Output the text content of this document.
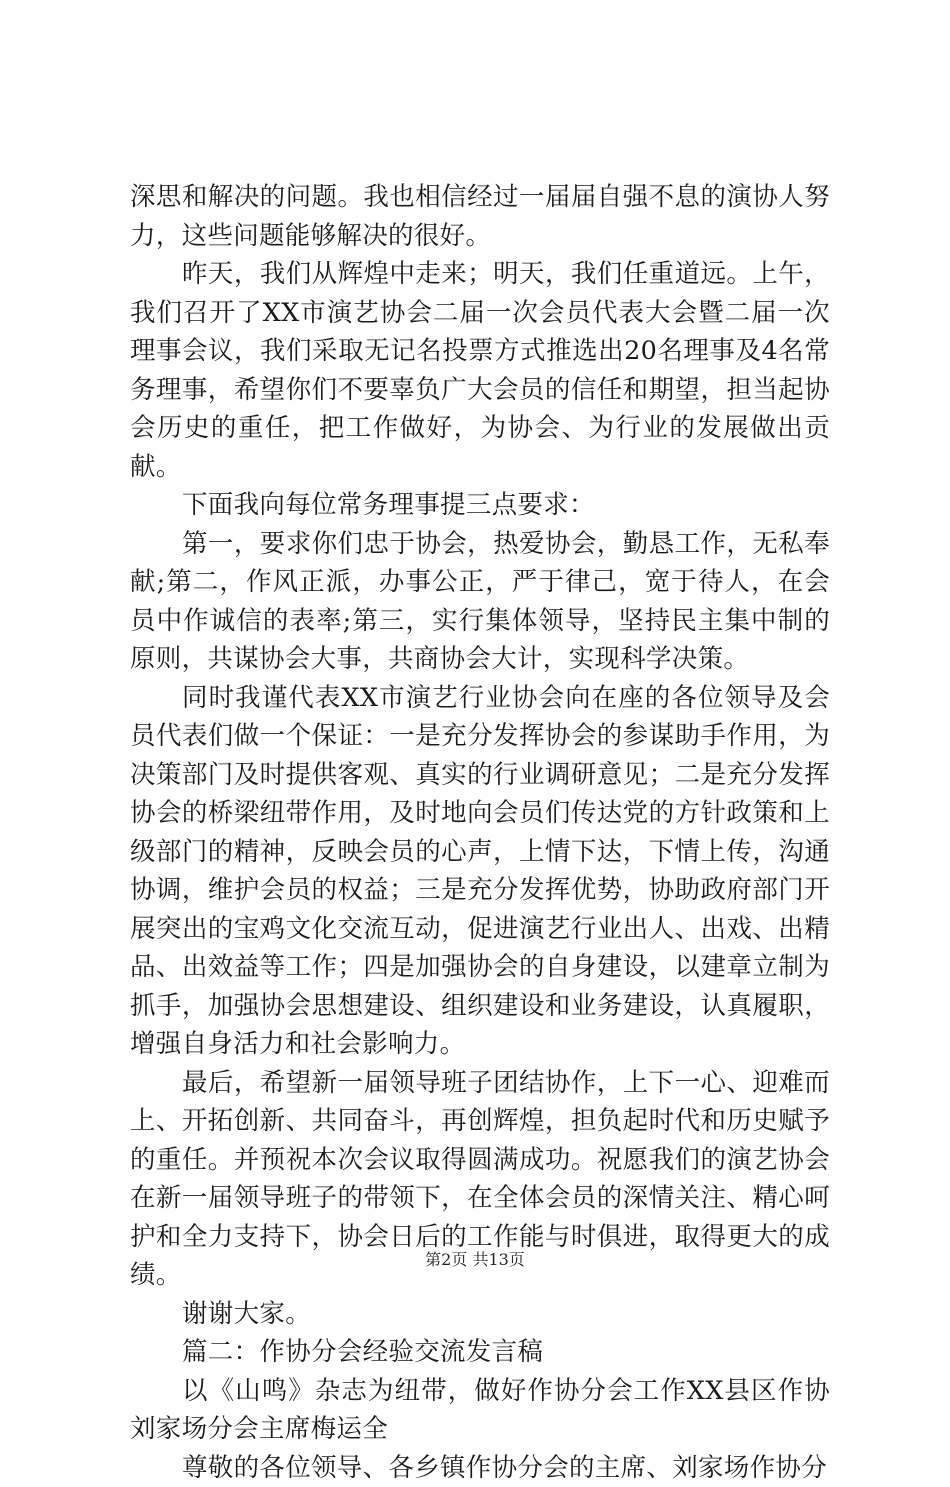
深思和解决的问题。我也相信经过一届届自强不息的演协人努力，这些问题能够解决的很好。

昨天，我们从辉煌中走来；明天，我们任重道远。上午，我们召开了XX市演艺协会二届一次会员代表大会暨二届一次理事会议，我们采取无记名投票方式推选出20名理事及4名常务理事，希望你们不要辜负广大会员的信任和期望，担当起协会历史的重任，把工作做好，为协会、为行业的发展做出贡献。

下面我向每位常务理事提三点要求：

第一，要求你们忠于协会，热爱协会，勤恳工作，无私奉献;第二，作风正派，办事公正，严于律己，宽于待人，在会员中作诚信的表率;第三，实行集体领导，坚持民主集中制的原则，共谋协会大事，共商协会大计，实现科学决策。

同时我谨代表XX市演艺行业协会向在座的各位领导及会员代表们做一个保证：一是充分发挥协会的参谋助手作用，为决策部门及时提供客观、真实的行业调研意见；二是充分发挥协会的桥梁纽带作用，及时地向会员们传达党的方针政策和上级部门的精神，反映会员的心声，上情下达，下情上传，沟通协调，维护会员的权益；三是充分发挥优势，协助政府部门开展突出的宝鸡文化交流互动，促进演艺行业出人、出戏、出精品、出效益等工作；四是加强协会的自身建设，以建章立制为抓手，加强协会思想建设、组织建设和业务建设，认真履职，增强自身活力和社会影响力。

最后，希望新一届领导班子团结协作，上下一心、迎难而上、开拓创新、共同奋斗，再创辉煌，担负起时代和历史赋予的重任。并预祝本次会议取得圆满成功。祝愿我们的演艺协会在新一届领导班子的带领下，在全体会员的深情关注、精心呵护和全力支持下，协会日后的工作能与时俱进，取得更大的成绩。

谢谢大家。

篇二：作协分会经验交流发言稿

以《山鸣》杂志为纽带，做好作协分会工作XX县区作协刘家场分会主席梅运全

尊敬的各位领导、各乡镇作协分会的主席、刘家场作协分

第2页 共13页
